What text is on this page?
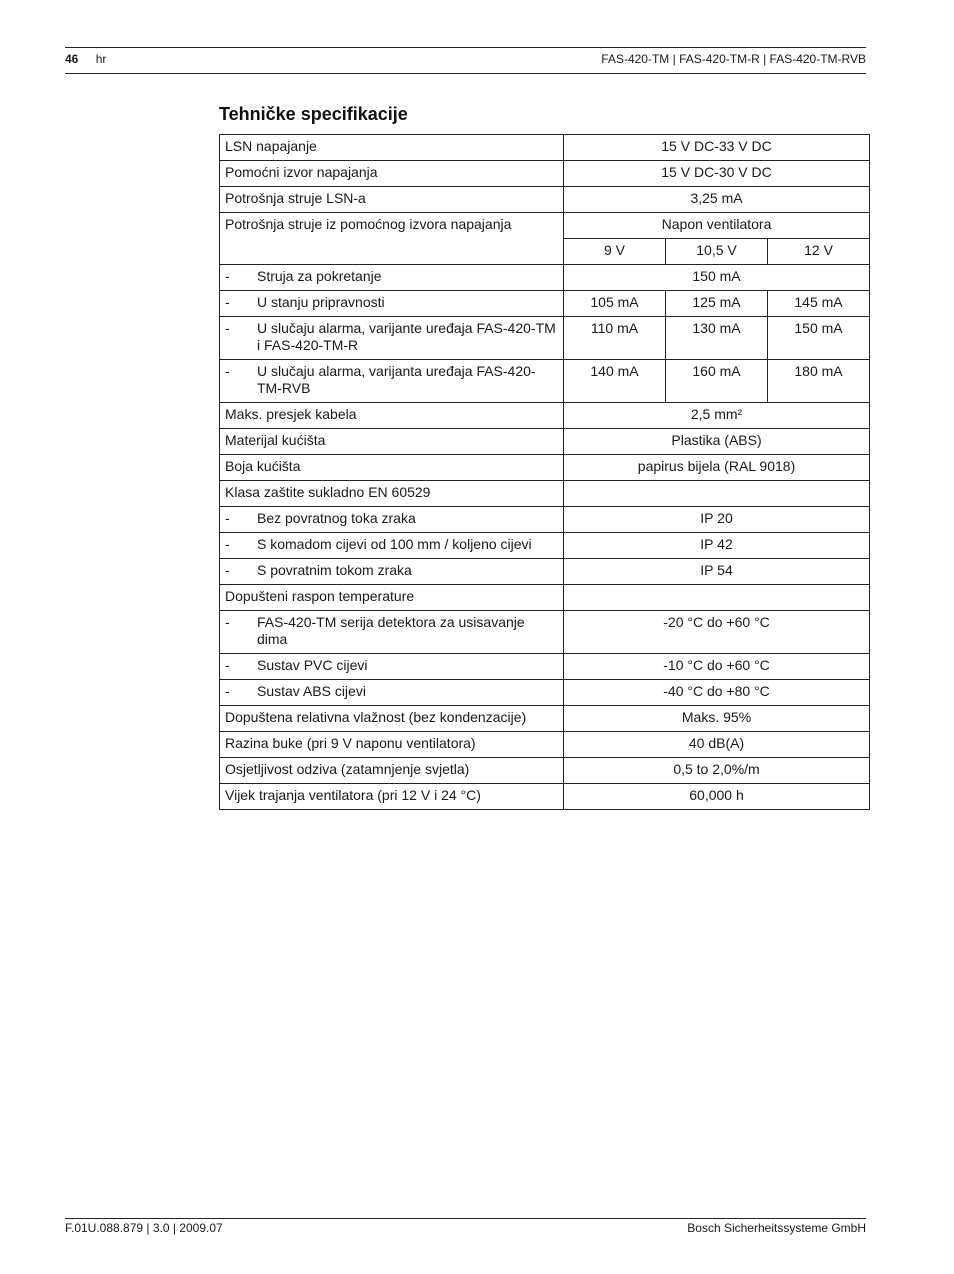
46 hr	FAS-420-TM | FAS-420-TM-R | FAS-420-TM-RVB
Tehničke specifikacije
LSN napajanje	15 V DC-33 V DC		
Pomoćni izvor napajanja	15 V DC-30 V DC		
Potrošnja struje LSN-a	3,25 mA		
Potrošnja struje iz pomoćnog izvora napajanja	Napon ventilatora		
	9 V	10,5 V	12 V

- Struja za pokretanje	150 mA		

- U stanju pripravnosti	105 mA	125 mA	145 mA

- U slučaju alarma, varijante uređaja FAS-420-TM i FAS-420-TM-R	110 mA	130 mA	150 mA

- U slučaju alarma, varijanta uređaja FAS-420-TM-RVB	140 mA	160 mA	180 mA
Maks. presjek kabela	2,5 mm²		
Materijal kućišta	Plastika (ABS)		
Boja kućišta	papirus bijela (RAL 9018)		
Klasa zaštite sukladno EN 60529			

- Bez povratnog toka zraka	IP 20		

- S komadom cijevi od 100 mm / koljeno cijevi	IP 42		

- S povratnim tokom zraka	IP 54		
Dopušteni raspon temperature			

- FAS-420-TM serija detektora za usisavanje dima	-20 °C do +60 °C		

- Sustav PVC cijevi	-10 °C do +60 °C		

- Sustav ABS cijevi	-40 °C do +80 °C		
Dopuštena relativna vlažnost (bez kondenzacije)	Maks. 95%		
Razina buke (pri 9 V naponu ventilatora)	40 dB(A)		
Osjetljivost odziva (zatamnjenje svjetla)	0,5 to 2,0%/m		
Vijek trajanja ventilatora (pri 12 V i 24 °C)	60,000 h		
F.01U.088.879 | 3.0 | 2009.07	Bosch Sicherheitssysteme GmbH
